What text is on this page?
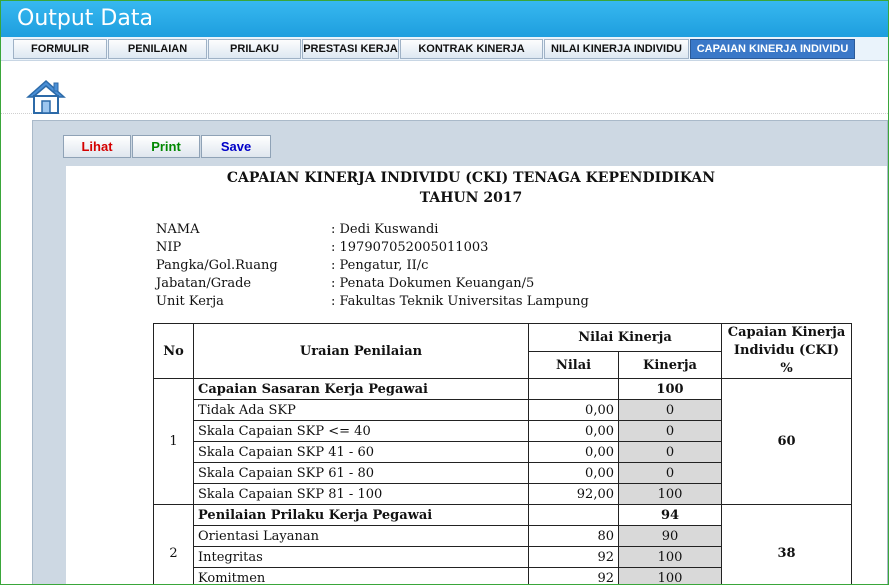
Output Data
FORMULIR	PENILAIAN	PRILAKU	PRESTASI KERJA	KONTRAK KINERJA	NILAI KINERJA INDIVIDU	CAPAIAN KINERJA INDIVIDU
Lihat	Print	Save
CAPAIAN KINERJA INDIVIDU (CKI) TENAGA KEPENDIDIKAN
TAHUN 2017
NAMA	: Dedi Kuswandi
NIP	: 197907052005011003
Pangka/Gol.Ruang	: Pengatur, II/c
Jabatan/Grade	: Penata Dokumen Keuangan/5
Unit Kerja	: Fakultas Teknik Universitas Lampung
No	Uraian Penilaian	Nilai Kinerja		Capaian Kinerja Individu (CKI) %
		Nilai	Kinerja	
1	Capaian Sasaran Kerja Pegawai		100	60
	Tidak Ada SKP	0,00	0	
	Skala Capaian SKP <= 40	0,00	0	
	Skala Capaian SKP 41 - 60	0,00	0	
	Skala Capaian SKP 61 - 80	0,00	0	
	Skala Capaian SKP 81 - 100	92,00	100	
2	Penilaian Prilaku Kerja Pegawai		94	38
	Orientasi Layanan	80	90	
	Integritas	92	100	
	Komitmen	92	100	
